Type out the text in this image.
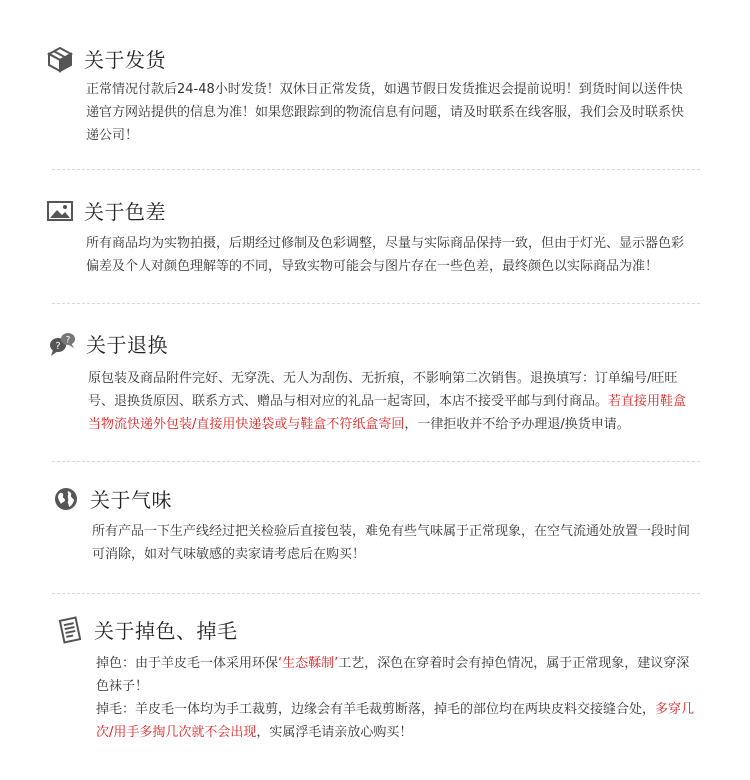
关于发货

正常情况付款后24-48小时发货！双休日正常发货，如遇节假日发货推迟会提前说明！到货时间以送件快递官方网站提供的信息为准！如果您跟踪到的物流信息有问题，请及时联系在线客服，我们会及时联系快递公司！

关于色差

所有商品均为实物拍摄，后期经过修制及色彩调整，尽量与实际商品保持一致，但由于灯光、显示器色彩偏差及个人对颜色理解等的不同，导致实物可能会与图片存在一些色差，最终颜色以实际商品为准！

?
? 关于退换

原包装及商品附件完好、无穿洗、无人为刮伤、无折痕，不影响第二次销售。退换填写：订单编号/旺旺号、退换货原因、联系方式、赠品与相对应的礼品一起寄回，本店不接受平邮与到付商品。若直接用鞋盒当物流快递外包装/直接用快递袋或与鞋盒不符纸盒寄回，一律拒收并不给予办理退/换货申请。

关于气味

所有产品一下生产线经过把关检验后直接包装，难免有些气味属于正常现象，在空气流通处放置一段时间可消除，如对气味敏感的卖家请考虑后在购买！

关于掉色、掉毛

掉色：由于羊皮毛一体采用环保‘生态鞣制’工艺，深色在穿着时会有掉色情况，属于正常现象，建议穿深色袜子！

掉毛：羊皮毛一体均为手工裁剪，边缘会有羊毛裁剪断落，掉毛的部位均在两块皮料交接缝合处，多穿几次/用手多掏几次就不会出现，实属浮毛请亲放心购买！
